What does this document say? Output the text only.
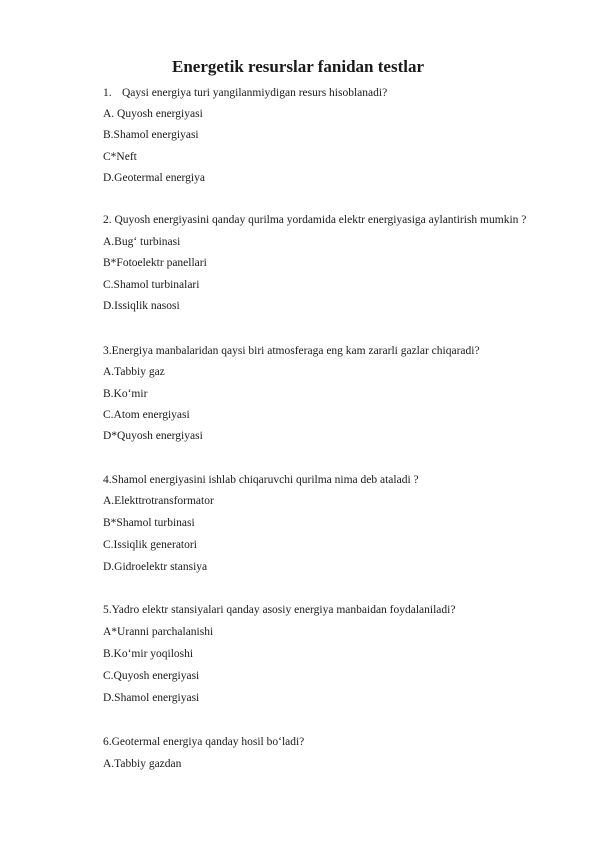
Energetik resurslar fanidan testlar
1. Qaysi energiya turi yangilanmiydigan resurs hisoblanadi?
A. Quyosh energiyasi
B.Shamol energiyasi
C*Neft
D.Geotermal energiya
2. Quyosh energiyasini qanday qurilma yordamida elektr energiyasiga aylantirish mumkin ?
A.Bug‘ turbinasi
B*Fotoelektr panellari
C.Shamol turbinalari
D.Issiqlik nasosi
3.Energiya manbalaridan qaysi biri atmosferaga eng kam zararli gazlar chiqaradi?
A.Tabbiy gaz
B.Ko‘mir
C.Atom energiyasi
D*Quyosh energiyasi
4.Shamol energiyasini ishlab chiqaruvchi qurilma nima deb ataladi ?
A.Elekttrotransformator
B*Shamol turbinasi
C.Issiqlik generatori
D.Gidroelektr stansiya
5.Yadro elektr stansiyalari qanday asosiy energiya manbaidan foydalaniladi?
A*Uranni parchalanishi
B.Ko‘mir yoqiloshi
C.Quyosh energiyasi
D.Shamol energiyasi
6.Geotermal energiya qanday hosil bo‘ladi?
A.Tabbiy gazdan
